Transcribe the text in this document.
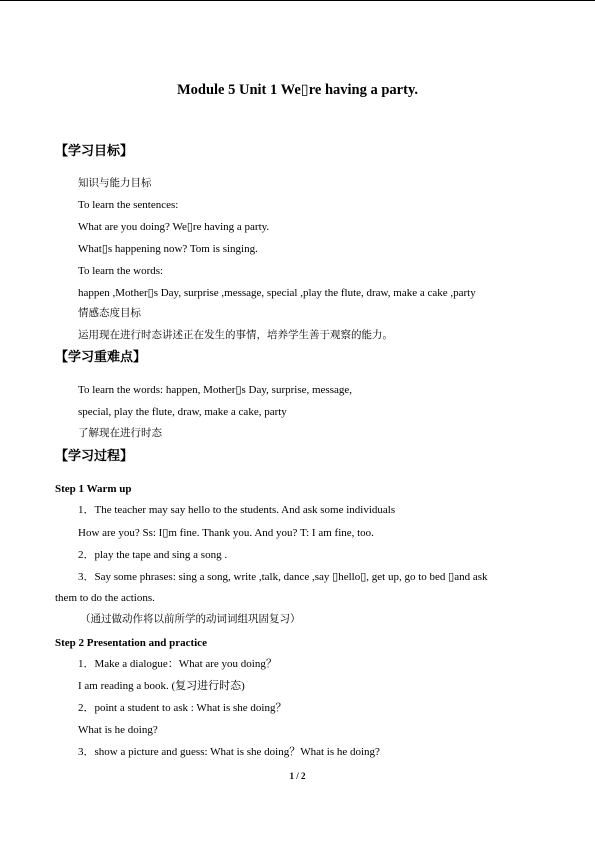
Module 5 Unit 1 We▯re having a party.
【学习目标】
知识与能力目标
To learn the sentences:
What are you doing? We▯re having a party.
What▯s happening now? Tom is singing.
To learn the words:
happen ,Mother▯s Day, surprise ,message, special ,play the flute, draw, make a cake ,party
情感态度目标
运用现在进行时态讲述正在发生的事情，培养学生善于观察的能力。
【学习重难点】
To learn the words: happen, Mother▯s Day, surprise, message,
special, play the flute, draw, make a cake, party
了解现在进行时态
【学习过程】
Step 1 Warm up
1．The teacher may say hello to the students. And ask some individuals
How are you? Ss: I▯m fine. Thank you. And you? T: I am fine, too.
2．play the tape and sing a song .
3．Say some phrases: sing a song, write ,talk, dance ,say ▯hello▯, get up, go to bed ▯and ask
them to do the actions.
（通过做动作将以前所学的动词词组巩固复习）
Step 2 Presentation and practice
1．Make a dialogue：What are you doing？
I am reading a book. (复习进行时态)
2．point a student to ask : What is she doing？
What is he doing?
3．show a picture and guess: What is she doing？What is he doing?
1 / 2
